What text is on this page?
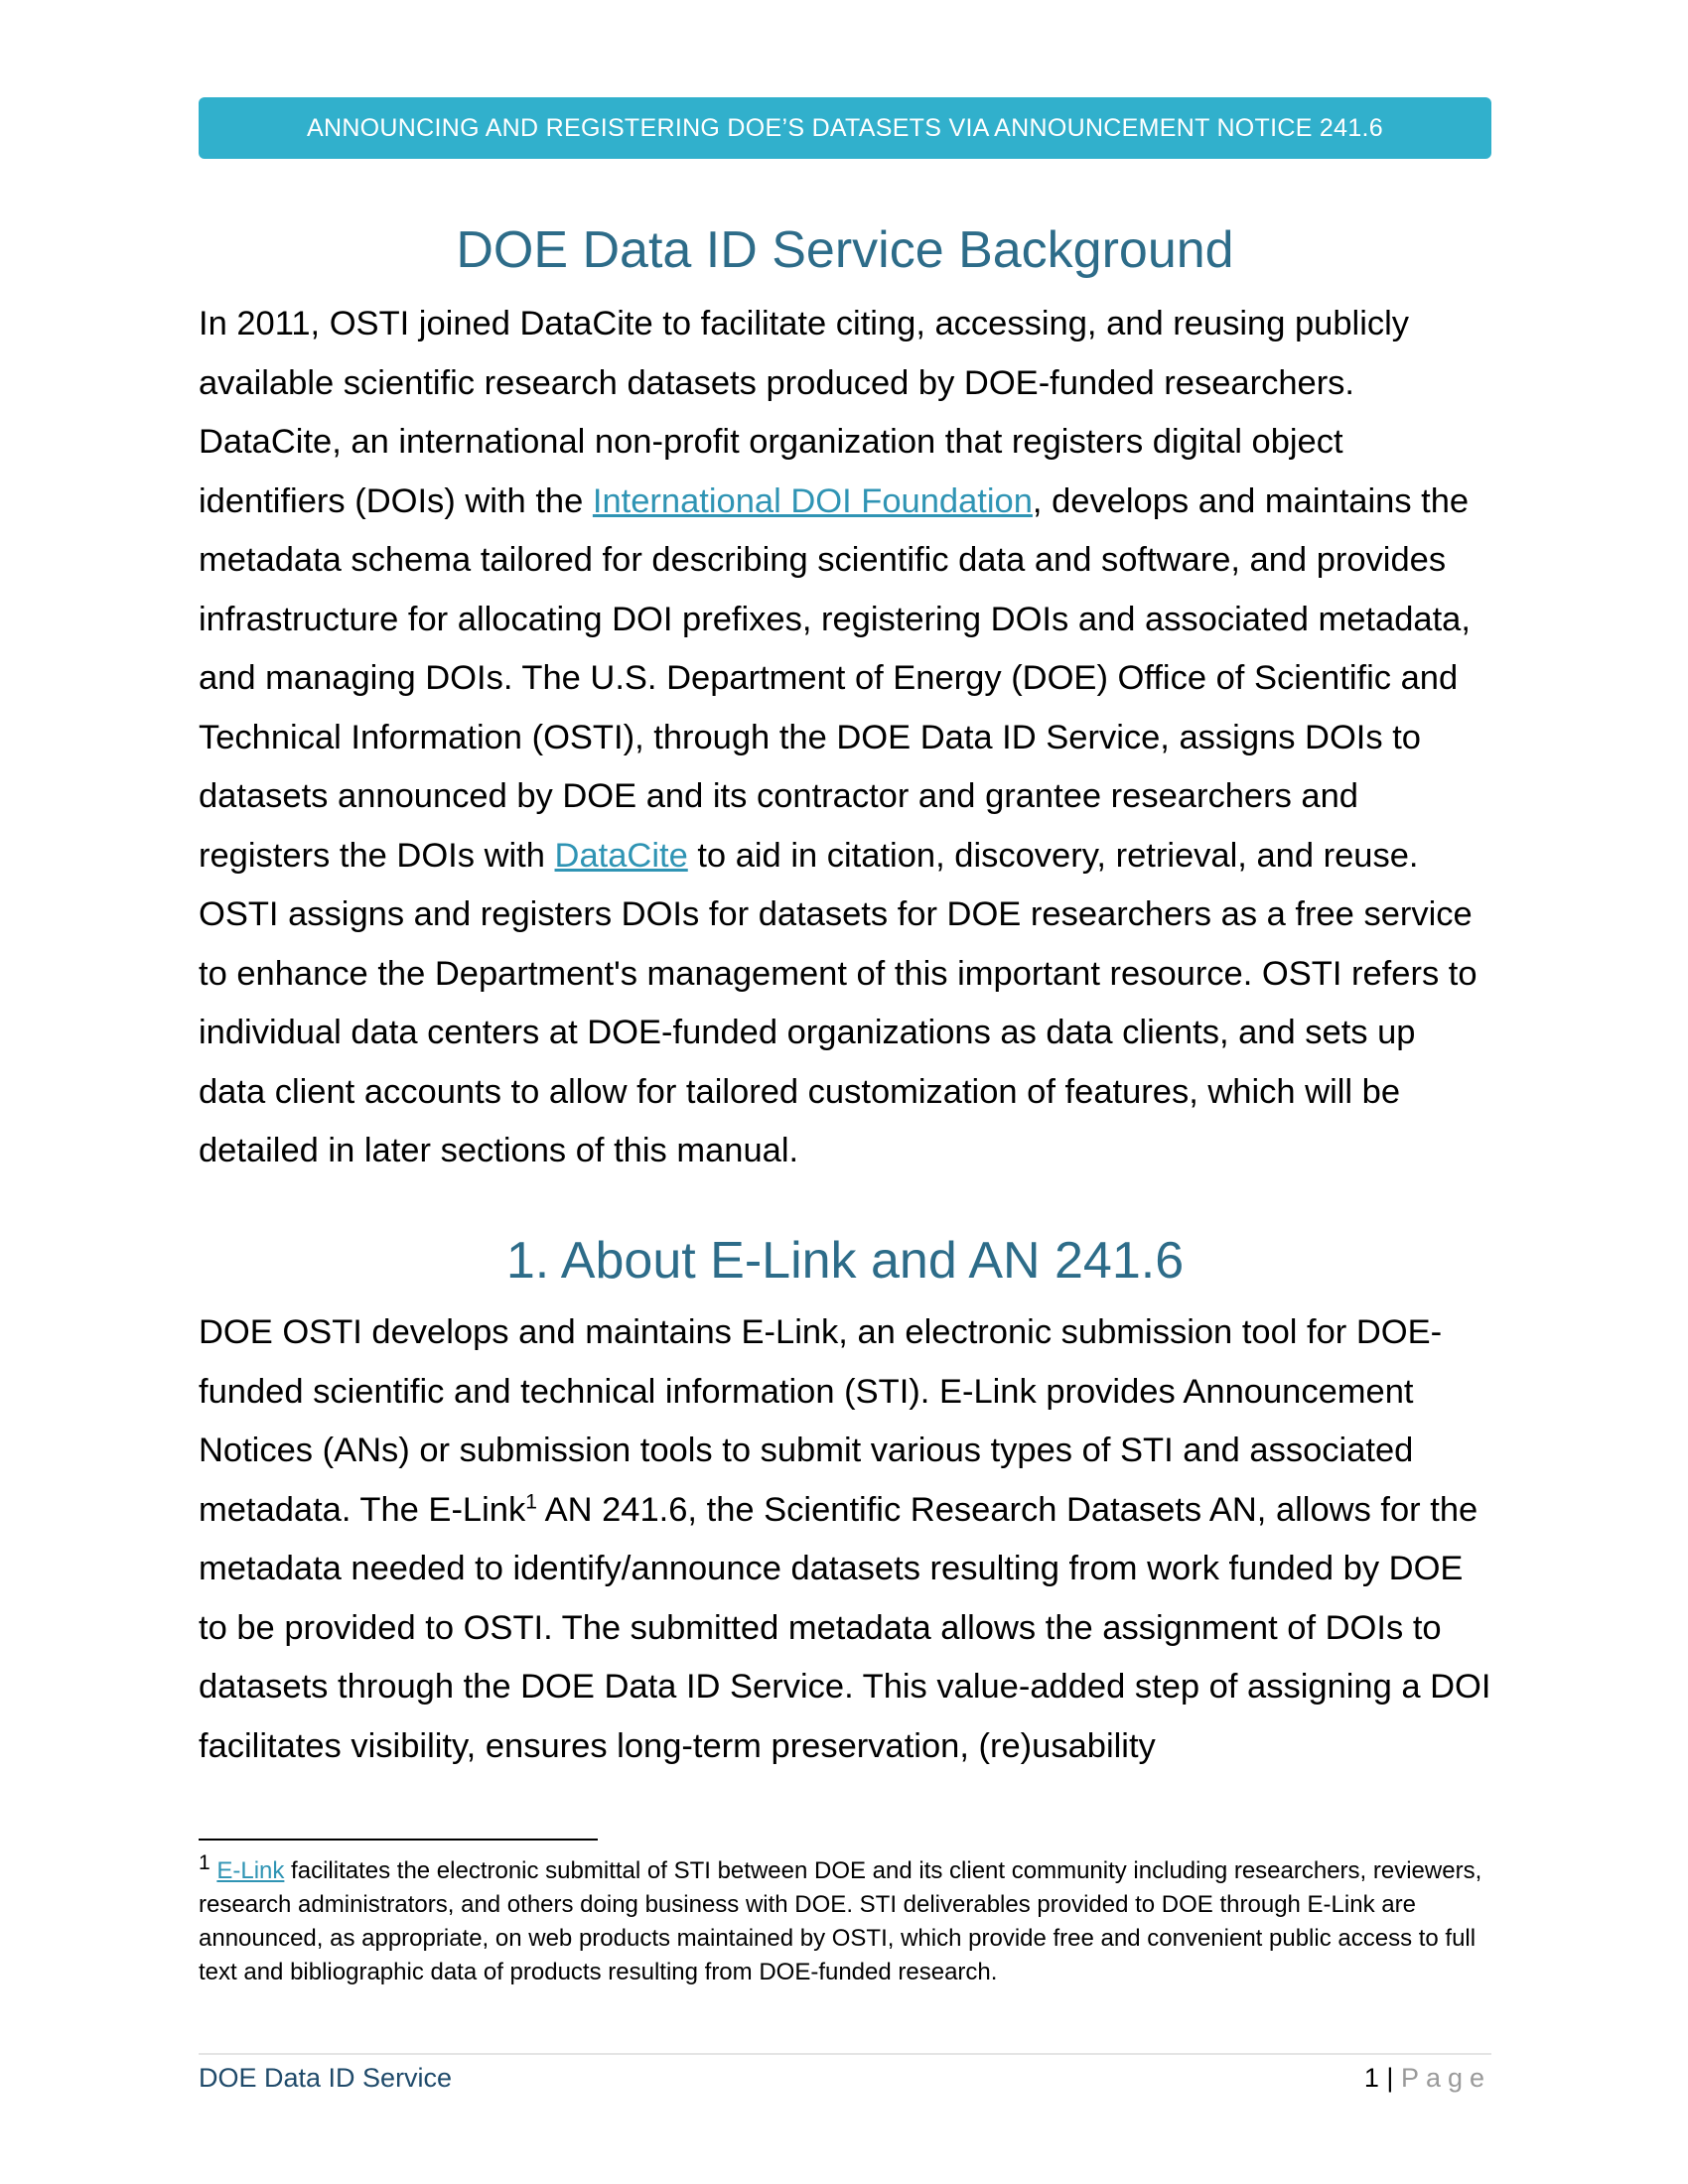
ANNOUNCING AND REGISTERING DOE’S DATASETS VIA ANNOUNCEMENT NOTICE 241.6
DOE Data ID Service Background

In 2011, OSTI joined DataCite to facilitate citing, accessing, and reusing publicly available scientific research datasets produced by DOE-funded researchers. DataCite, an international non-profit organization that registers digital object identifiers (DOIs) with the International DOI Foundation, develops and maintains the metadata schema tailored for describing scientific data and software, and provides infrastructure for allocating DOI prefixes, registering DOIs and associated metadata, and managing DOIs. The U.S. Department of Energy (DOE) Office of Scientific and Technical Information (OSTI), through the DOE Data ID Service, assigns DOIs to datasets announced by DOE and its contractor and grantee researchers and registers the DOIs with DataCite to aid in citation, discovery, retrieval, and reuse. OSTI assigns and registers DOIs for datasets for DOE researchers as a free service to enhance the Department's management of this important resource. OSTI refers to individual data centers at DOE-funded organizations as data clients, and sets up data client accounts to allow for tailored customization of features, which will be detailed in later sections of this manual.

1. About E-Link and AN 241.6

DOE OSTI develops and maintains E-Link, an electronic submission tool for DOE-funded scientific and technical information (STI). E-Link provides Announcement Notices (ANs) or submission tools to submit various types of STI and associated metadata. The E-Link$^1$ AN 241.6, the Scientific Research Datasets AN, allows for the metadata needed to identify/announce datasets resulting from work funded by DOE to be provided to OSTI. The submitted metadata allows the assignment of DOIs to datasets through the DOE Data ID Service. This value-added step of assigning a DOI facilitates visibility, ensures long-term preservation, (re)usability

$^1$ E-Link facilitates the electronic submittal of STI between DOE and its client community including researchers, reviewers, research administrators, and others doing business with DOE. STI deliverables provided to DOE through E-Link are announced, as appropriate, on web products maintained by OSTI, which provide free and convenient public access to full text and bibliographic data of products resulting from DOE-funded research.

DOE Data ID Service	1 | Page
